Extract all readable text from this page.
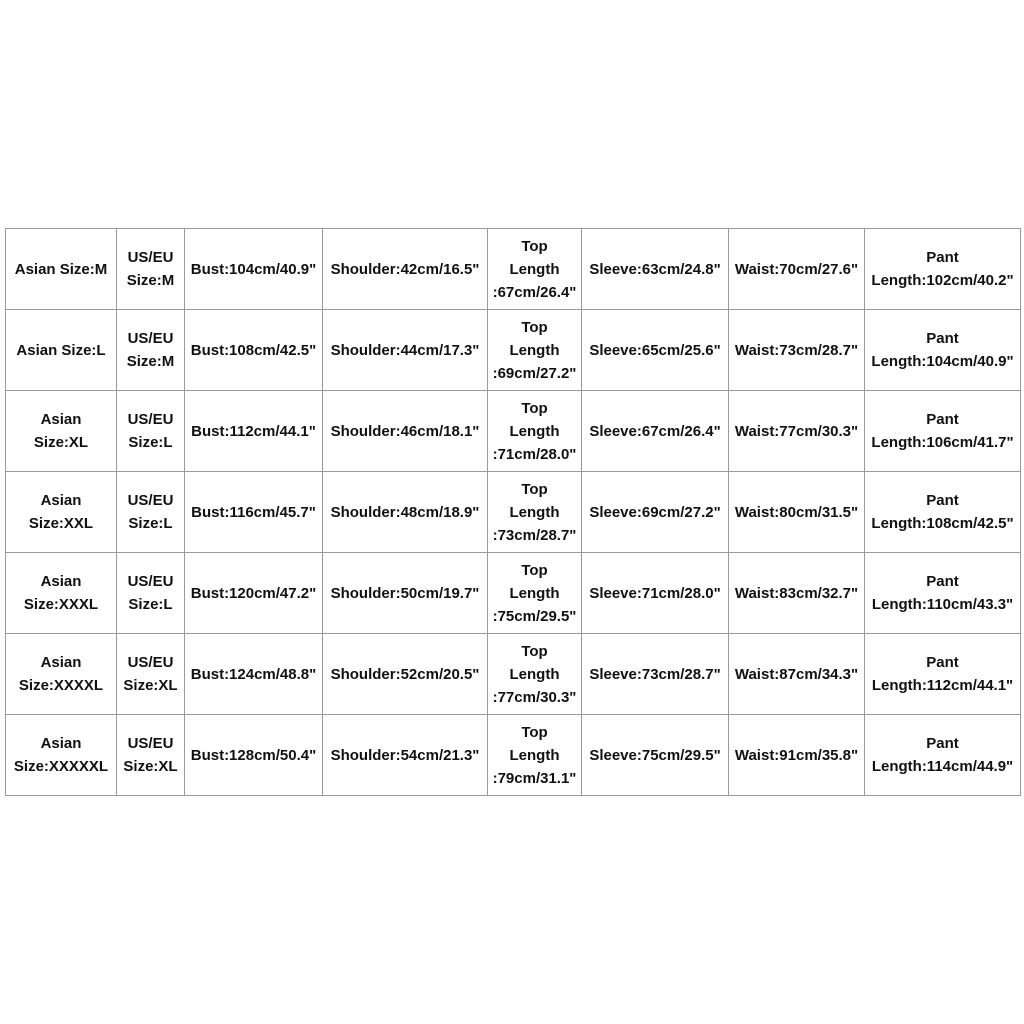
Asian Size:M	US/EU
Size:M	Bust:104cm/40.9"	Shoulder:42cm/16.5"	Top
Length
:67cm/26.4"	Sleeve:63cm/24.8"	Waist:70cm/27.6"	Pant
Length:102cm/40.2"
Asian Size:L	US/EU
Size:M	Bust:108cm/42.5"	Shoulder:44cm/17.3"	Top
Length
:69cm/27.2"	Sleeve:65cm/25.6"	Waist:73cm/28.7"	Pant
Length:104cm/40.9"
Asian
Size:XL	US/EU
Size:L	Bust:112cm/44.1"	Shoulder:46cm/18.1"	Top
Length
:71cm/28.0"	Sleeve:67cm/26.4"	Waist:77cm/30.3"	Pant
Length:106cm/41.7"
Asian
Size:XXL	US/EU
Size:L	Bust:116cm/45.7"	Shoulder:48cm/18.9"	Top
Length
:73cm/28.7"	Sleeve:69cm/27.2"	Waist:80cm/31.5"	Pant
Length:108cm/42.5"
Asian
Size:XXXL	US/EU
Size:L	Bust:120cm/47.2"	Shoulder:50cm/19.7"	Top
Length
:75cm/29.5"	Sleeve:71cm/28.0"	Waist:83cm/32.7"	Pant
Length:110cm/43.3"
Asian
Size:XXXXL	US/EU
Size:XL	Bust:124cm/48.8"	Shoulder:52cm/20.5"	Top
Length
:77cm/30.3"	Sleeve:73cm/28.7"	Waist:87cm/34.3"	Pant
Length:112cm/44.1"
Asian
Size:XXXXXL	US/EU
Size:XL	Bust:128cm/50.4"	Shoulder:54cm/21.3"	Top
Length
:79cm/31.1"	Sleeve:75cm/29.5"	Waist:91cm/35.8"	Pant
Length:114cm/44.9"
